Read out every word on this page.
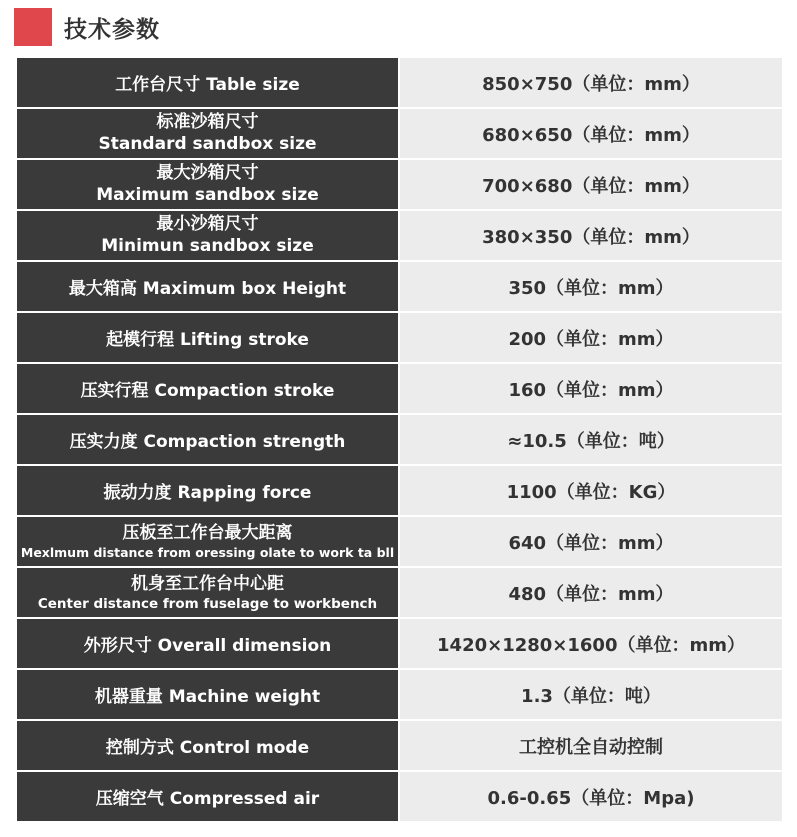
技术参数
工作台尺寸 Table size	850×750（单位：mm）

标准沙箱尺寸
Standard sandbox size	680×650（单位：mm）

最大沙箱尺寸
Maximum sandbox size	700×680（单位：mm）

最小沙箱尺寸
Minimun sandbox size	380×350（单位：mm）

最大箱高 Maximum box Height	350（单位：mm）

起模行程 Lifting stroke	200（单位：mm）

压实行程 Compaction stroke	160（单位：mm）

压实力度 Compaction strength	≈10.5（单位：吨）

振动力度 Rapping force	1100（单位：KG）

压板至工作台最大距离
Mexlmum distance from oressing olate to work ta bll	640（单位：mm）

机身至工作台中心距
Center distance from fuselage to workbench	480（单位：mm）

外形尺寸 Overall dimension	1420×1280×1600（单位：mm）

机器重量 Machine weight	1.3（单位：吨）

控制方式 Control mode	工控机全自动控制

压缩空气 Compressed air	0.6-0.65（单位：Mpa)
